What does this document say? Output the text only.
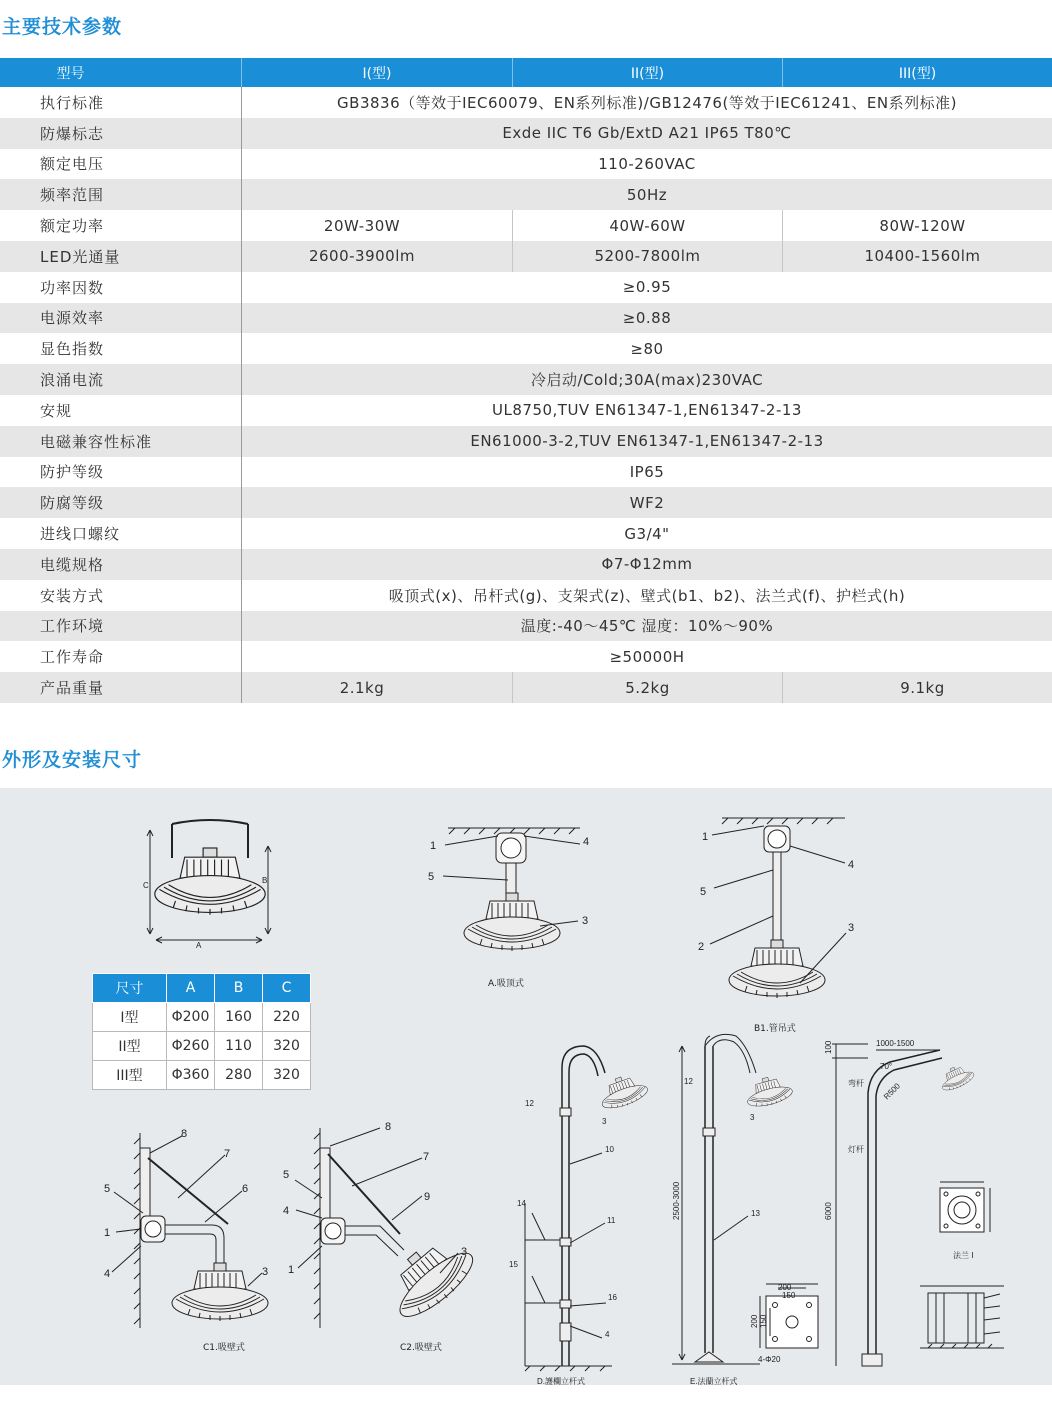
主要技术参数
型号	I(型)	II(型)	III(型)
执行标准	GB3836（等效于IEC60079、EN系列标准)/GB12476(等效于IEC61241、EN系列标准)
防爆标志	Exde IIC T6 Gb/ExtD A21 IP65 T80℃
额定电压	110-260VAC
频率范围	50Hz
额定功率	20W-30W	40W-60W	80W-120W
LED光通量	2600-3900lm	5200-7800lm	10400-1560lm
功率因数	≥0.95
电源效率	≥0.88
显色指数	≥80
浪涌电流	冷启动/Cold;30A(max)230VAC
安规	UL8750,TUV EN61347-1,EN61347-2-13
电磁兼容性标准	EN61000-3-2,TUV EN61347-1,EN61347-2-13
防护等级	IP65
防腐等级	WF2
进线口螺纹	G3/4"
电缆规格	Φ7-Φ12mm
安装方式	吸顶式(x)、吊杆式(g)、支架式(z)、壁式(b1、b2)、法兰式(f)、护栏式(h)
工作环境	温度:-40～45℃ 湿度：10%～90%
工作寿命	≥50000H
产品重量	2.1kg	5.2kg	9.1kg
外形及安装尺寸
C
B
A
1	4
5
3
A.吸顶式
1
4
5
2
3
B1.管吊式
8
7
6
5
1
4	3
C1.吸壁式
8
7
9
5
4
1
3
C2.吸壁式
12
10
11
14
15
16
4
3
D.護欄立杆式
2500-3000
12
3
13
200
150
200 150
4-Φ20
E.法蘭立杆式
100
6000
1000-1500
70°
R500
弯杆
灯杆
法兰 I
尺寸	A	B	C
I型	Φ200	160	220
II型	Φ260	110	320
III型	Φ360	280	320
